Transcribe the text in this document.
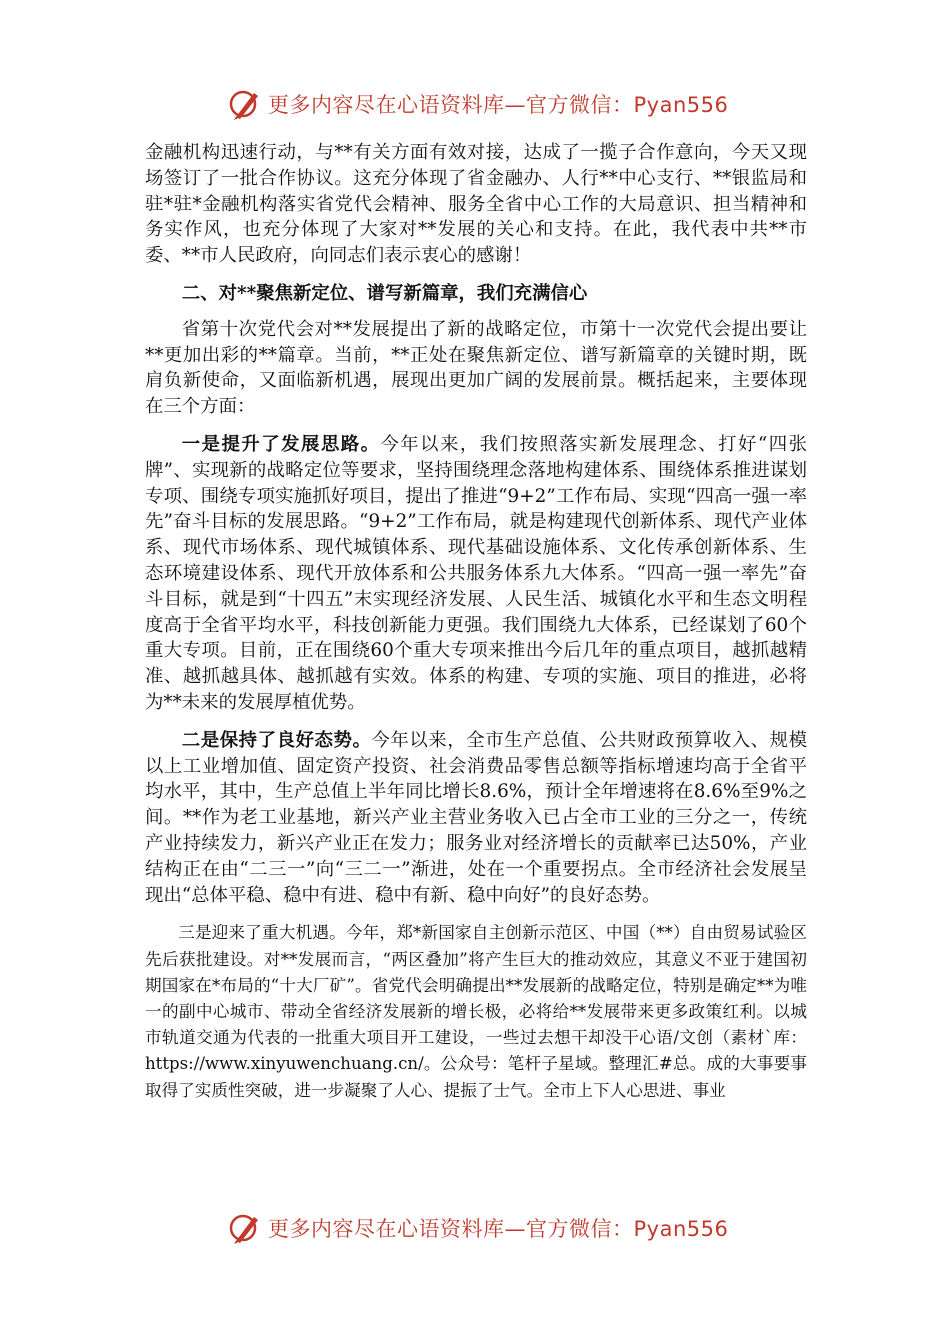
更多内容尽在心语资料库—官方微信：Pyan556

金融机构迅速行动，与**有关方面有效对接，达成了一揽子合作意向，今天又现场签订了一批合作协议。这充分体现了省金融办、人行**中心支行、**银监局和驻*驻*金融机构落实省党代会精神、服务全省中心工作的大局意识、担当精神和务实作风，也充分体现了大家对**发展的关心和支持。在此，我代表中共**市委、**市人民政府，向同志们表示衷心的感谢！

二、对**聚焦新定位、谱写新篇章，我们充满信心

省第十次党代会对**发展提出了新的战略定位，市第十一次党代会提出要让**更加出彩的**篇章。当前，**正处在聚焦新定位、谱写新篇章的关键时期，既肩负新使命，又面临新机遇，展现出更加广阔的发展前景。概括起来，主要体现在三个方面：

一是提升了发展思路。今年以来，我们按照落实新发展理念、打好“四张牌”、实现新的战略定位等要求，坚持围绕理念落地构建体系、围绕体系推进谋划专项、围绕专项实施抓好项目，提出了推进“9+2”工作布局、实现“四高一强一率先”奋斗目标的发展思路。“9+2”工作布局，就是构建现代创新体系、现代产业体系、现代市场体系、现代城镇体系、现代基础设施体系、文化传承创新体系、生态环境建设体系、现代开放体系和公共服务体系九大体系。“四高一强一率先”奋斗目标，就是到“十四五”末实现经济发展、人民生活、城镇化水平和生态文明程度高于全省平均水平，科技创新能力更强。我们围绕九大体系，已经谋划了60个重大专项。目前，正在围绕60个重大专项来推出今后几年的重点项目，越抓越精准、越抓越具体、越抓越有实效。体系的构建、专项的实施、项目的推进，必将为**未来的发展厚植优势。

二是保持了良好态势。今年以来，全市生产总值、公共财政预算收入、规模以上工业增加值、固定资产投资、社会消费品零售总额等指标增速均高于全省平均水平，其中，生产总值上半年同比增长8.6%，预计全年增速将在8.6%至9%之间。**作为老工业基地，新兴产业主营业务收入已占全市工业的三分之一，传统产业持续发力，新兴产业正在发力；服务业对经济增长的贡献率已达50%，产业结构正在由“二三一”向“三二一”渐进，处在一个重要拐点。全市经济社会发展呈现出“总体平稳、稳中有进、稳中有新、稳中向好”的良好态势。

三是迎来了重大机遇。今年，郑*新国家自主创新示范区、中国（**）自由贸易试验区先后获批建设。对**发展而言，“两区叠加”将产生巨大的推动效应，其意义不亚于建国初期国家在*布局的“十大厂矿”。省党代会明确提出**发展新的战略定位，特别是确定**为唯一的副中心城市、带动全省经济发展新的增长极，必将给**发展带来更多政策红利。以城市轨道交通为代表的一批重大项目开工建设，一些过去想干却没干心语/文创（素材`库：https://www.xinyuwenchuang.cn/。公众号：笔杆子星域。整理汇#总。成的大事要事取得了实质性突破，进一步凝聚了人心、提振了士气。全市上下人心思进、事业

更多内容尽在心语资料库—官方微信：Pyan556
